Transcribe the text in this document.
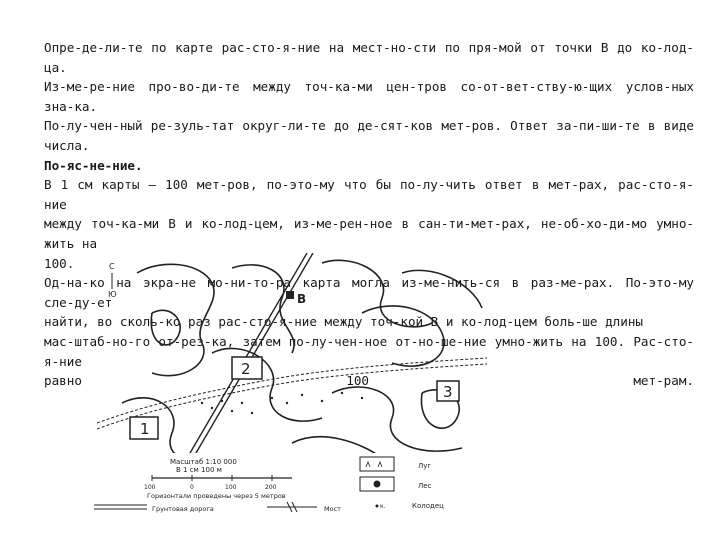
Опре-де-ли-те по карте рас-сто-я-ние на мест-но-сти по пря-мой от точки В до ко-лод-ца.
Из-ме-ре-ние про-во-ди-те между точ-ка-ми цен-тров со-от-вет-ству-ю-щих услов-ных зна-ка.
По-лу-чен-ный ре-зуль-тат округ-ли-те до де-сят-ков мет-ров. Ответ за-пи-ши-те в виде числа.

По-яс-не-ние.

В 1 см карты — 100 мет-ров, по-это-му что бы по-лу-чить ответ в мет-рах, рас-сто-я-ние
между точ-ка-ми В и ко-лод-цем, из-ме-рен-ное в сан-ти-мет-рах, не-об-хо-ди-мо умно-жить на
100.

Од-на-ко на экра-не мо-ни-то-ра карта могла из-ме-нить-ся в раз-ме-рах. По-это-му сле-ду-ет
найти, во сколь-ко раз рас-сто-я-ние между точ-кой В и ко-лод-цем боль-ше длины
мас-штаб-но-го от-рез-ка, затем по-лу-чен-ное от-но-ше-ние умно-жить на 100. Рас-сто-я-ние

равно	100	мет-рам.

С
Ю	В
2
3
1
Масштаб 1:10 000
В 1 см 100 м
100	0	100	200
Горизонтали проведены через 5 метров
Грунтовая дорога	Мост
Луг
Лес
к.	Колодец
